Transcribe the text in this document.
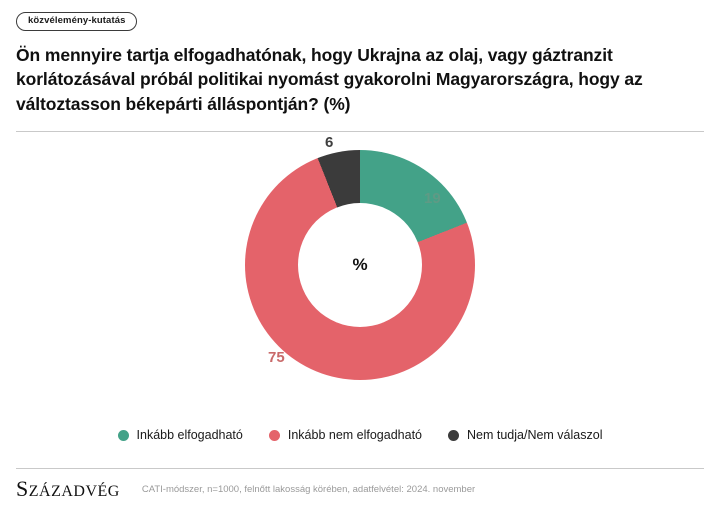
közvélemény-kutatás
Ön mennyire tartja elfogadhatónak, hogy Ukrajna az olaj, vagy gáztranzit korlátozásával próbál politikai nyomást gyakorolni Magyarországra, hogy az változtasson békepárti álláspontján? (%)
%
19
75
6
Inkább elfogadható	Inkább nem elfogadható	Nem tudja/Nem válaszol
SZÁZADVÉG CATI-módszer, n=1000, felnőtt lakosság körében, adatfelvétel: 2024. november
